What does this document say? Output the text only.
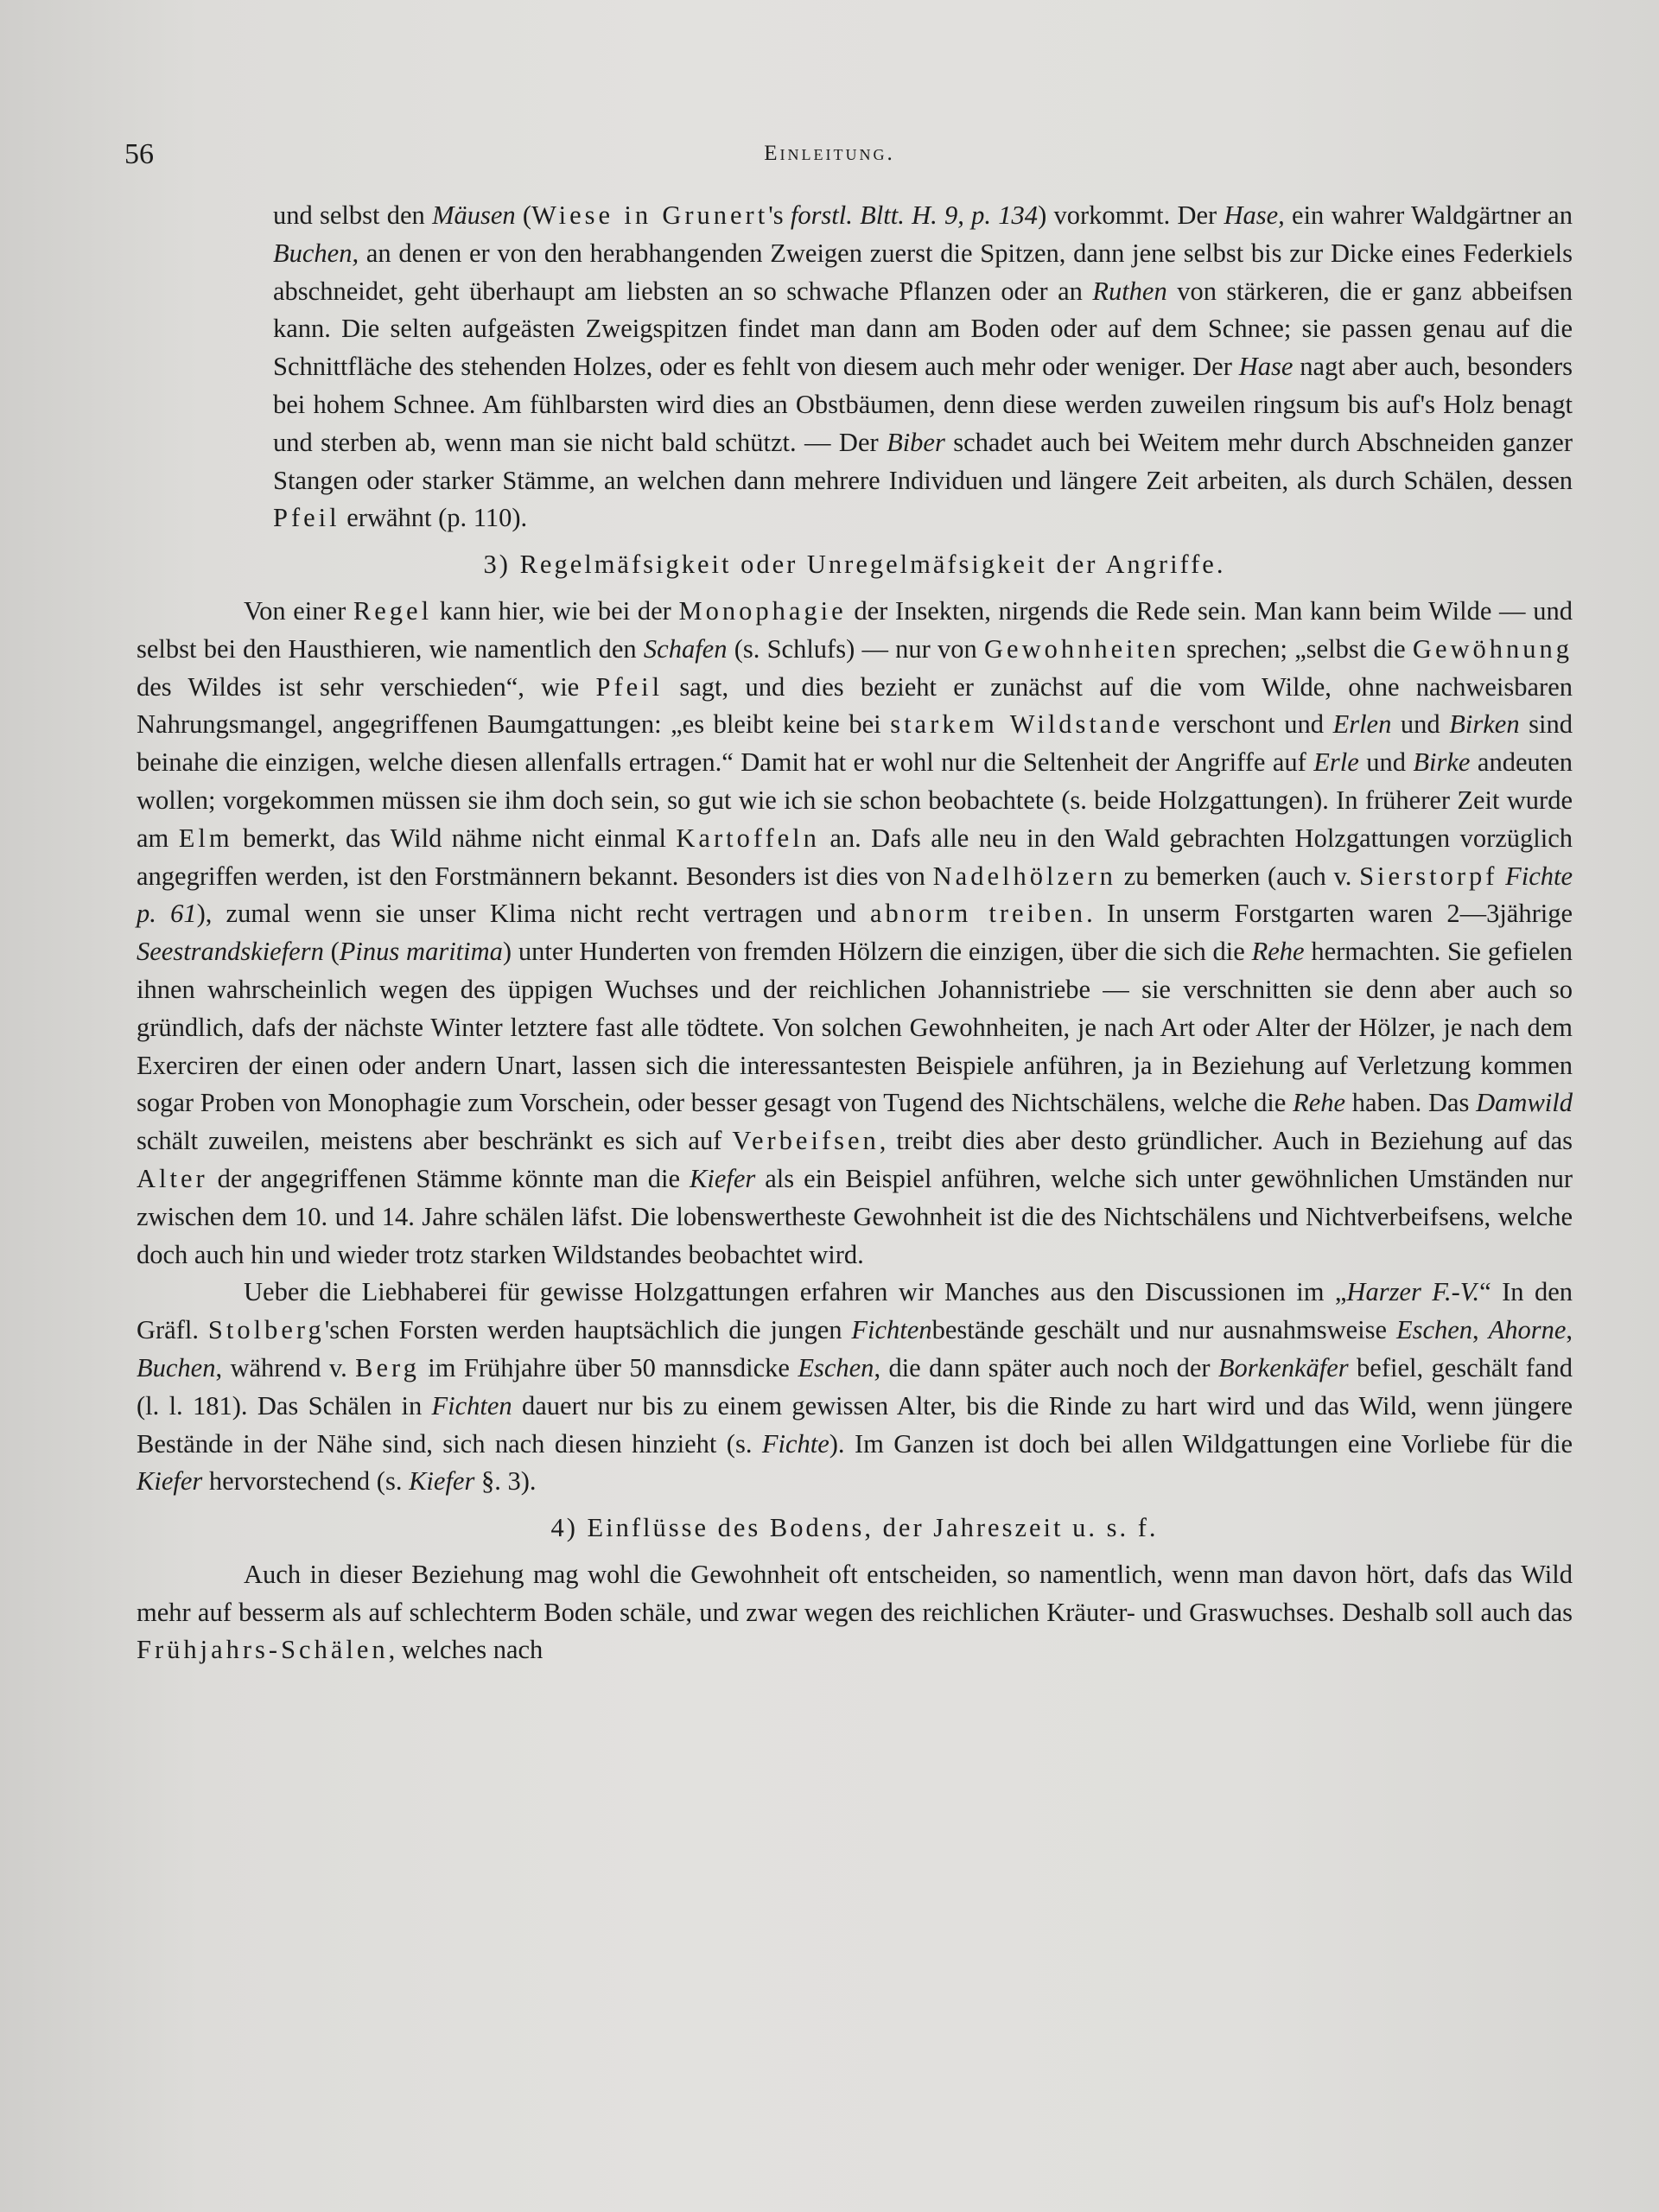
56	Einleitung.

und selbst den Mäusen (Wiese in Grunert's forstl. Bltt. H. 9, p. 134) vorkommt. Der Hase, ein wahrer Waldgärtner an Buchen, an denen er von den herabhangenden Zweigen zuerst die Spitzen, dann jene selbst bis zur Dicke eines Federkiels abschneidet, geht überhaupt am liebsten an so schwache Pflanzen oder an Ruthen von stärkeren, die er ganz abbeifsen kann. Die selten aufgeästen Zweigspitzen findet man dann am Boden oder auf dem Schnee; sie passen genau auf die Schnittfläche des stehenden Holzes, oder es fehlt von diesem auch mehr oder weniger. Der Hase nagt aber auch, besonders bei hohem Schnee. Am fühlbarsten wird dies an Obstbäumen, denn diese werden zuweilen ringsum bis auf's Holz benagt und sterben ab, wenn man sie nicht bald schützt. — Der Biber schadet auch bei Weitem mehr durch Abschneiden ganzer Stangen oder starker Stämme, an welchen dann mehrere Individuen und längere Zeit arbeiten, als durch Schälen, dessen Pfeil erwähnt (p. 110).

3) Regelmäfsigkeit oder Unregelmäfsigkeit der Angriffe.

Von einer Regel kann hier, wie bei der Monophagie der Insekten, nirgends die Rede sein. Man kann beim Wilde — und selbst bei den Hausthieren, wie namentlich den Schafen (s. Schlufs) — nur von Gewohnheiten sprechen; „selbst die Gewöhnung des Wildes ist sehr verschieden“, wie Pfeil sagt, und dies bezieht er zunächst auf die vom Wilde, ohne nachweisbaren Nahrungsmangel, angegriffenen Baumgattungen: „es bleibt keine bei starkem Wildstande verschont und Erlen und Birken sind beinahe die einzigen, welche diesen allenfalls ertragen.“ Damit hat er wohl nur die Seltenheit der Angriffe auf Erle und Birke andeuten wollen; vorgekommen müssen sie ihm doch sein, so gut wie ich sie schon beobachtete (s. beide Holzgattungen). In früherer Zeit wurde am Elm bemerkt, das Wild nähme nicht einmal Kartoffeln an. Dafs alle neu in den Wald gebrachten Holzgattungen vorzüglich angegriffen werden, ist den Forstmännern bekannt. Besonders ist dies von Nadelhölzern zu bemerken (auch v. Sierstorpf Fichte p. 61), zumal wenn sie unser Klima nicht recht vertragen und abnorm treiben. In unserm Forstgarten waren 2—3jährige Seestrandskiefern (Pinus maritima) unter Hunderten von fremden Hölzern die einzigen, über die sich die Rehe hermachten. Sie gefielen ihnen wahrscheinlich wegen des üppigen Wuchses und der reichlichen Johannistriebe — sie verschnitten sie denn aber auch so gründlich, dafs der nächste Winter letztere fast alle tödtete. Von solchen Gewohnheiten, je nach Art oder Alter der Hölzer, je nach dem Exerciren der einen oder andern Unart, lassen sich die interessantesten Beispiele anführen, ja in Beziehung auf Verletzung kommen sogar Proben von Monophagie zum Vorschein, oder besser gesagt von Tugend des Nichtschälens, welche die Rehe haben. Das Damwild schält zuweilen, meistens aber beschränkt es sich auf Verbeifsen, treibt dies aber desto gründlicher. Auch in Beziehung auf das Alter der angegriffenen Stämme könnte man die Kiefer als ein Beispiel anführen, welche sich unter gewöhnlichen Umständen nur zwischen dem 10. und 14. Jahre schälen läfst. Die lobenswertheste Gewohnheit ist die des Nichtschälens und Nichtverbeifsens, welche doch auch hin und wieder trotz starken Wildstandes beobachtet wird.

Ueber die Liebhaberei für gewisse Holzgattungen erfahren wir Manches aus den Discussionen im „Harzer F.-V.“ In den Gräfl. Stolberg'schen Forsten werden hauptsächlich die jungen Fichtenbestände geschält und nur ausnahmsweise Eschen, Ahorne, Buchen, während v. Berg im Frühjahre über 50 mannsdicke Eschen, die dann später auch noch der Borkenkäfer befiel, geschält fand (l. l. 181). Das Schälen in Fichten dauert nur bis zu einem gewissen Alter, bis die Rinde zu hart wird und das Wild, wenn jüngere Bestände in der Nähe sind, sich nach diesen hinzieht (s. Fichte). Im Ganzen ist doch bei allen Wildgattungen eine Vorliebe für die Kiefer hervorstechend (s. Kiefer §. 3).

4) Einflüsse des Bodens, der Jahreszeit u. s. f.

Auch in dieser Beziehung mag wohl die Gewohnheit oft entscheiden, so namentlich, wenn man davon hört, dafs das Wild mehr auf besserm als auf schlechterm Boden schäle, und zwar wegen des reichlichen Kräuter- und Graswuchses. Deshalb soll auch das Frühjahrs-Schälen, welches nach
